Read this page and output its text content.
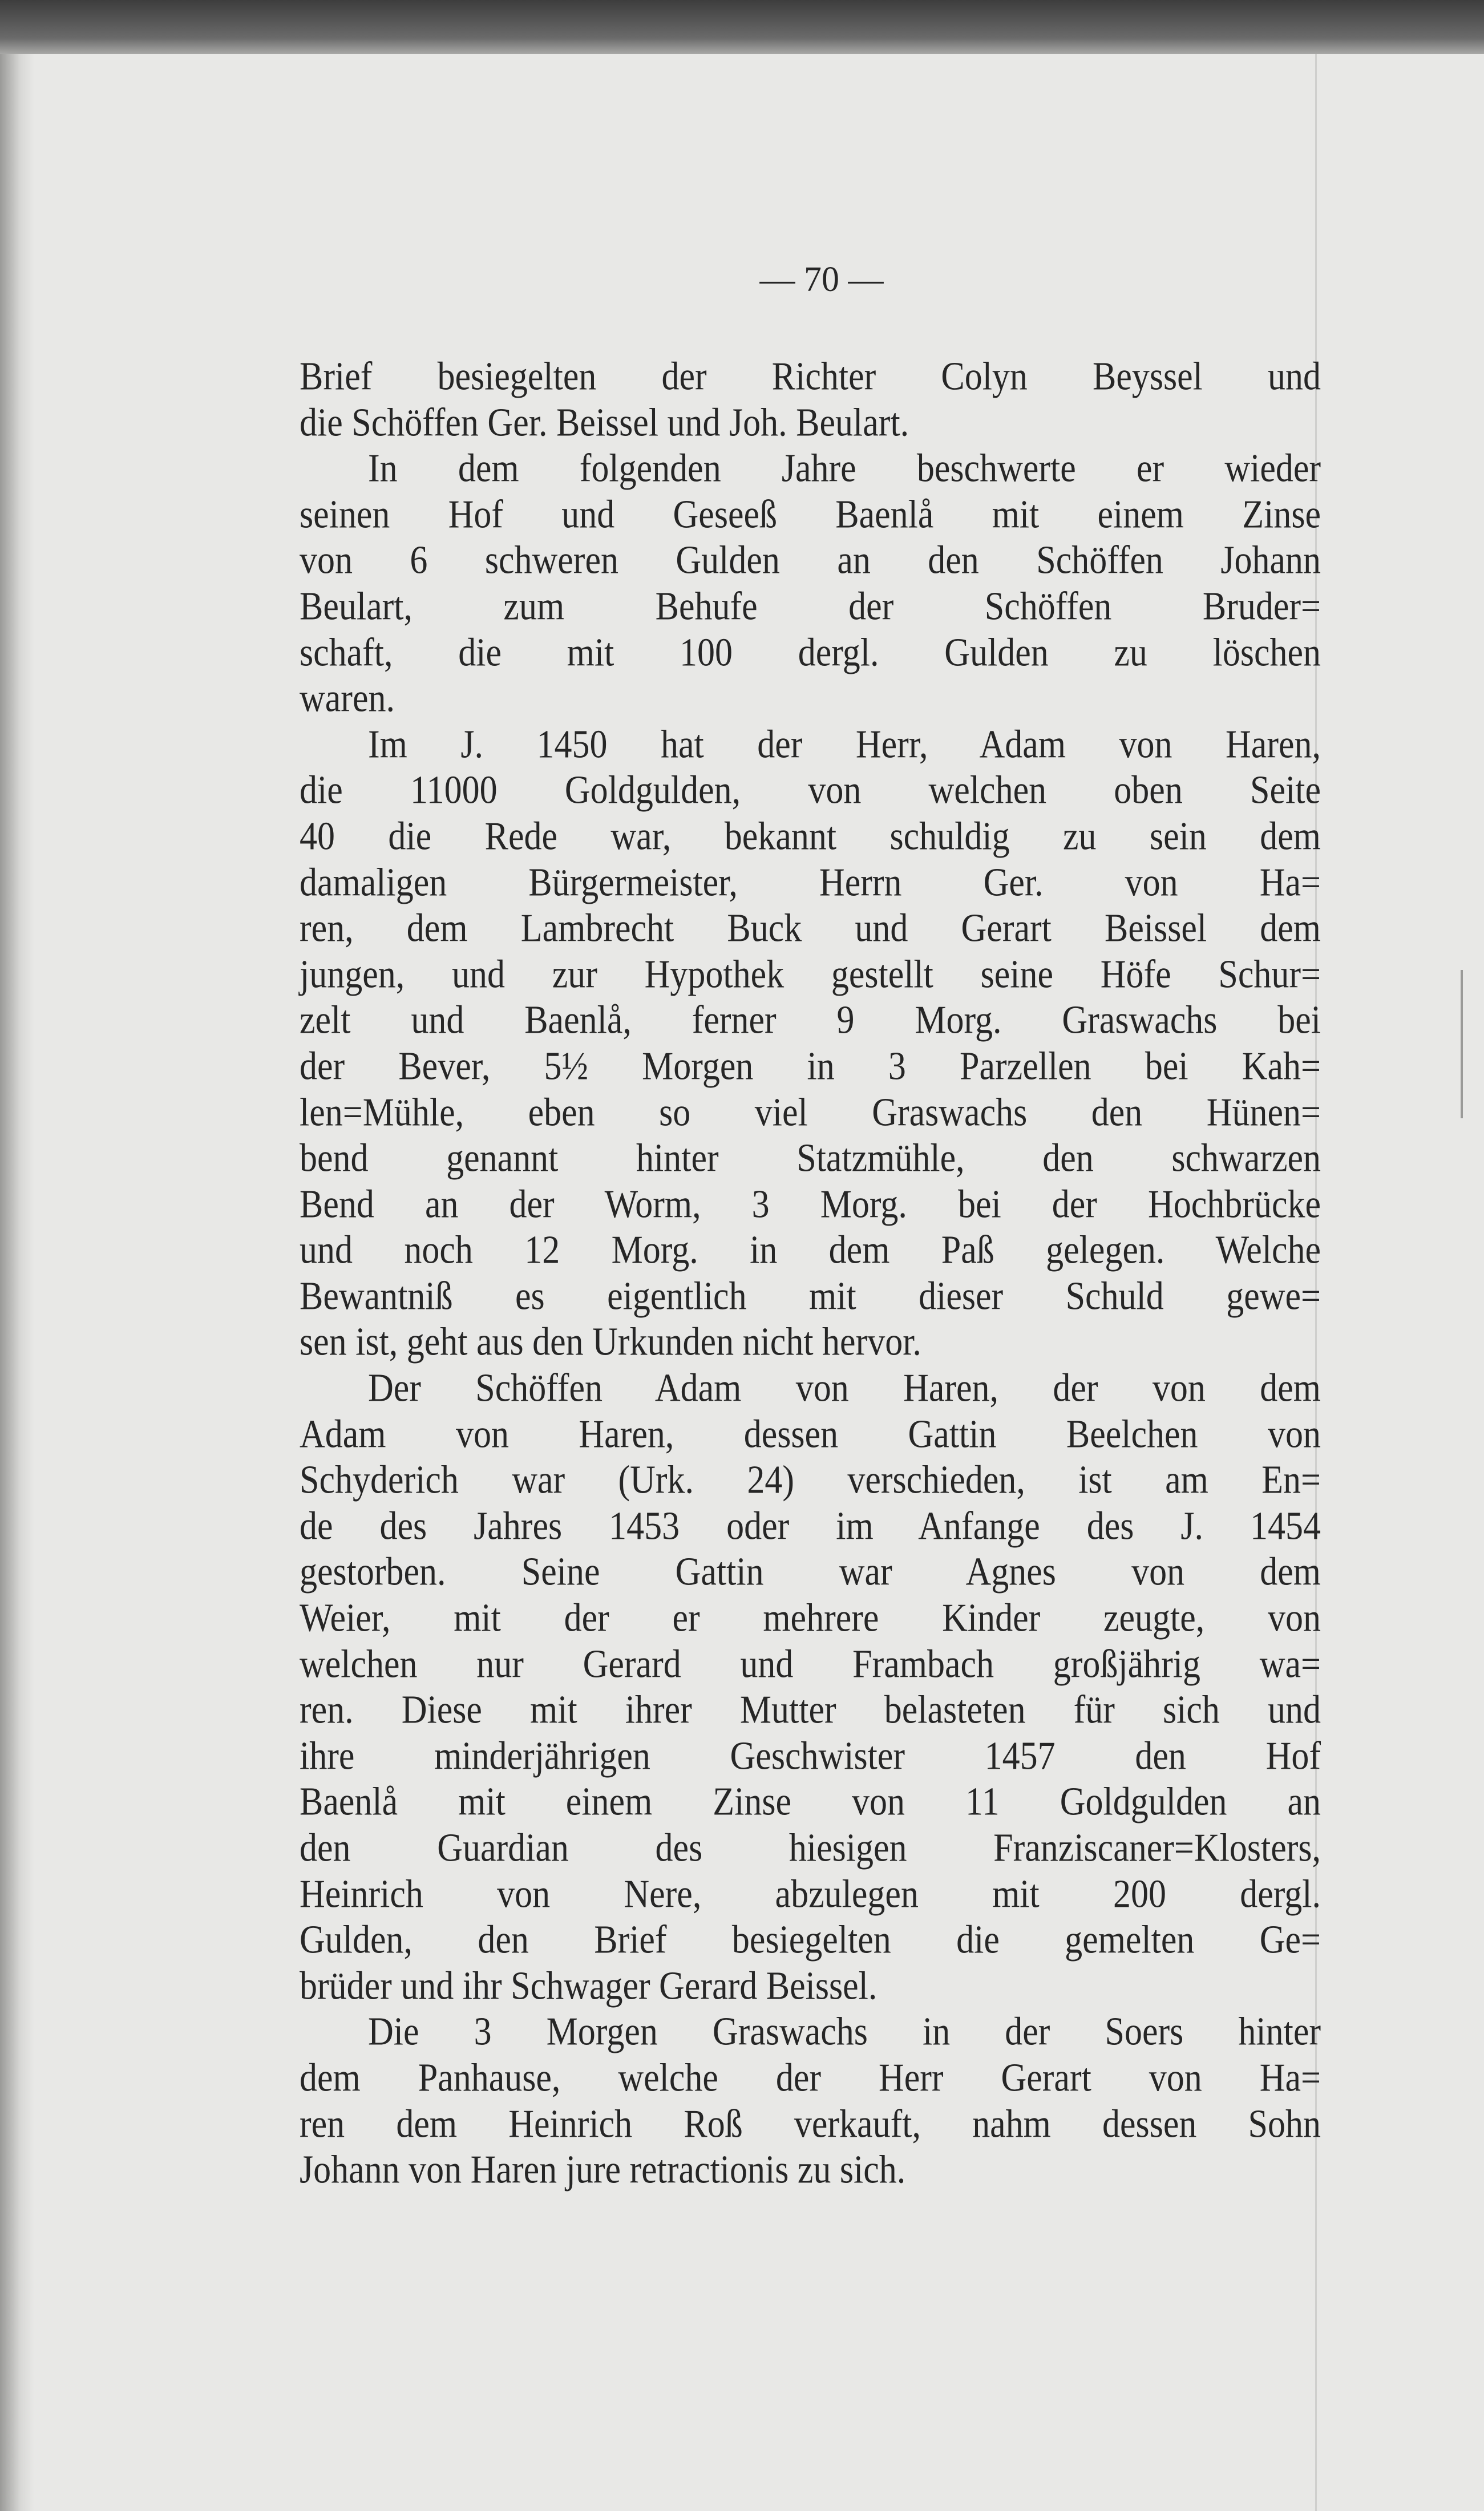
— 70 —
Brief besiegelten der Richter Colyn Beyssel und
die Schöffen Ger. Beissel und Joh. Beulart.
In dem folgenden Jahre beschwerte er wieder
seinen Hof und Geseeß Baenlå mit einem Zinse
von 6 schweren Gulden an den Schöffen Johann
Beulart, zum Behufe der Schöffen Bruder=
schaft, die mit 100 dergl. Gulden zu löschen
waren.
Im J. 1450 hat der Herr, Adam von Haren,
die 11000 Goldgulden, von welchen oben Seite
40 die Rede war, bekannt schuldig zu sein dem
damaligen Bürgermeister, Herrn Ger. von Ha=
ren, dem Lambrecht Buck und Gerart Beissel dem
jungen, und zur Hypothek gestellt seine Höfe Schur=
zelt und Baenlå, ferner 9 Morg. Graswachs bei
der Bever, 5½ Morgen in 3 Parzellen bei Kah=
len=Mühle, eben so viel Graswachs den Hünen=
bend genannt hinter Statzmühle, den schwarzen
Bend an der Worm, 3 Morg. bei der Hochbrücke
und noch 12 Morg. in dem Paß gelegen. Welche
Bewantniß es eigentlich mit dieser Schuld gewe=
sen ist, geht aus den Urkunden nicht hervor.
Der Schöffen Adam von Haren, der von dem
Adam von Haren, dessen Gattin Beelchen von
Schyderich war (Urk. 24) verschieden, ist am En=
de des Jahres 1453 oder im Anfange des J. 1454
gestorben. Seine Gattin war Agnes von dem
Weier, mit der er mehrere Kinder zeugte, von
welchen nur Gerard und Frambach großjährig wa=
ren. Diese mit ihrer Mutter belasteten für sich und
ihre minderjährigen Geschwister 1457 den Hof
Baenlå mit einem Zinse von 11 Goldgulden an
den Guardian des hiesigen Franziscaner=Klosters,
Heinrich von Nere, abzulegen mit 200 dergl.
Gulden, den Brief besiegelten die gemelten Ge=
brüder und ihr Schwager Gerard Beissel.
Die 3 Morgen Graswachs in der Soers hinter
dem Panhause, welche der Herr Gerart von Ha=
ren dem Heinrich Roß verkauft, nahm dessen Sohn
Johann von Haren jure retractionis zu sich.
